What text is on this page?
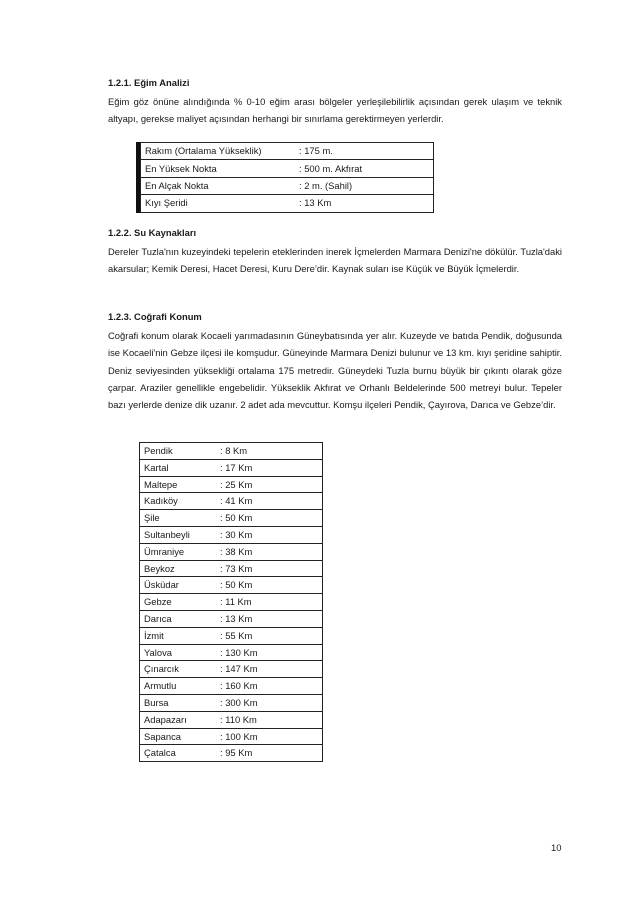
1.2.1. Eğim Analizi

Eğim göz önüne alındığında % 0-10 eğim arası bölgeler yerleşilebilirlik açısından gerek ulaşım ve teknik altyapı, gerekse maliyet açısından herhangi bir sınırlama gerektirmeyen yerlerdir.

Rakım (Ortalama Yükseklik)	: 175 m.
En Yüksek Nokta	: 500 m. Akfırat
En Alçak Nokta	: 2 m. (Sahil)
Kıyı Şeridi	: 13 Km
1.2.2. Su Kaynakları

Dereler Tuzla'nın kuzeyindeki tepelerin eteklerinden inerek İçmelerden Marmara Denizi'ne dökülür. Tuzla'daki akarsular; Kemik Deresi, Hacet Deresi, Kuru Dere’dir. Kaynak suları ise Küçük ve Büyük İçmelerdir.

1.2.3. Coğrafi Konum

Coğrafi konum olarak Kocaeli yarımadasının Güneybatısında yer alır. Kuzeyde ve batıda Pendik, doğusunda ise Kocaeli'nin Gebze ilçesi ile komşudur. Güneyinde Marmara Denizi bulunur ve 13 km. kıyı şeridine sahiptir. Deniz seviyesinden yüksekliği ortalama 175 metredir. Güneydeki Tuzla burnu büyük bir çıkıntı olarak göze çarpar. Araziler genellikle engebelidir. Yükseklik Akfırat ve Orhanlı Beldelerinde 500 metreyi bulur. Tepeler bazı yerlerde denize dik uzanır. 2 adet ada mevcuttur. Komşu ilçeleri Pendik, Çayırova, Darıca ve Gebze’dir.

Pendik	: 8 Km
Kartal	: 17 Km
Maltepe	: 25 Km
Kadıköy	: 41 Km
Şile	: 50 Km
Sultanbeyli	: 30 Km
Ümraniye	: 38 Km
Beykoz	: 73 Km
Üsküdar	: 50 Km
Gebze	: 11 Km
Darıca	: 13 Km
İzmit	: 55 Km
Yalova	: 130 Km
Çınarcık	: 147 Km
Armutlu	: 160 Km
Bursa	: 300 Km
Adapazarı	: 110 Km
Sapanca	: 100 Km
Çatalca	: 95 Km
10
